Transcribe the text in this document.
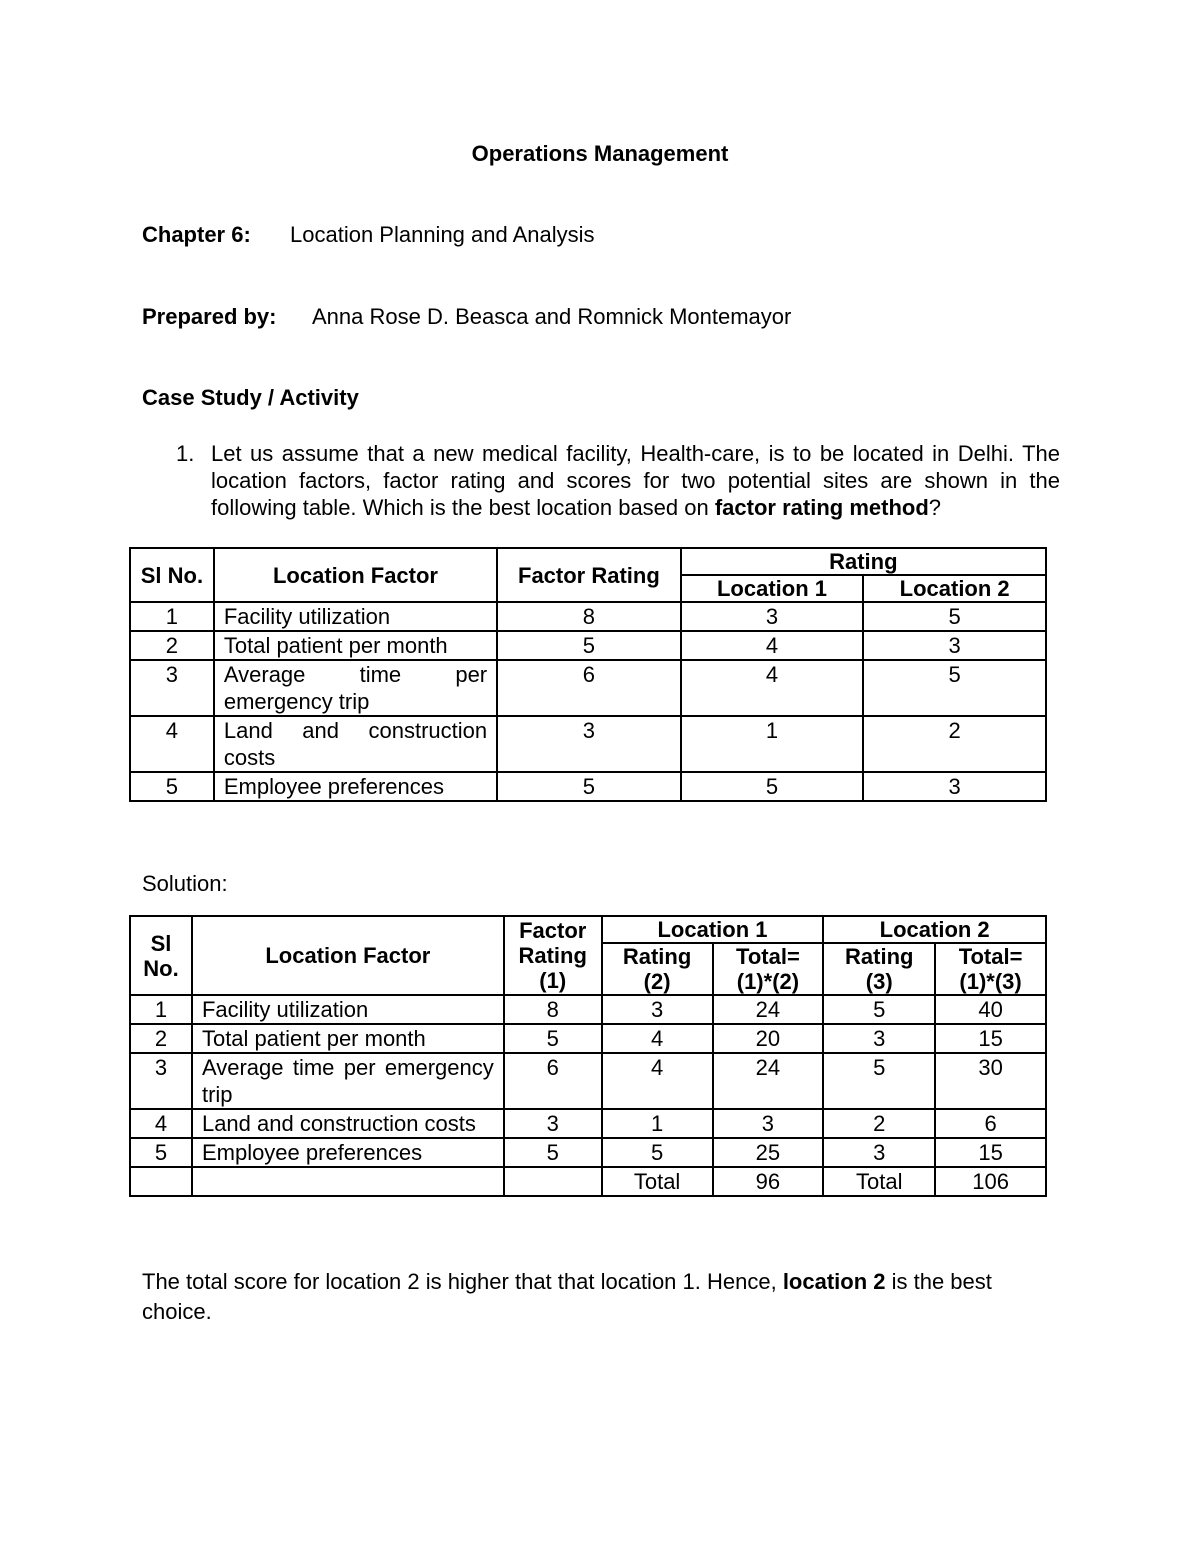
Operations Management
Chapter 6: Location Planning and Analysis
Prepared by: Anna Rose D. Beasca and Romnick Montemayor
Case Study / Activity
1. Let us assume that a new medical facility, Health-care, is to be located in Delhi. The location factors, factor rating and scores for two potential sites are shown in the following table. Which is the best location based on factor rating method?
Sl No.	Location Factor	Factor Rating	Rating	
			Location 1	Location 2
1	Facility utilization	8	3	5
2	Total patient per month	5	4	3
3	Average time per emergency trip	6	4	5
4	Land and construction costs	3	1	2
5	Employee preferences	5	5	3
Solution:
Sl No.	Location Factor	Factor Rating (1)	Location 1		Location 2	
			Rating (2)	Total= (1)*(2)	Rating (3)	Total= (1)*(3)
1	Facility utilization	8	3	24	5	40
2	Total patient per month	5	4	20	3	15
3	Average time per emergency trip	6	4	24	5	30
4	Land and construction costs	3	1	3	2	6
5	Employee preferences	5	5	25	3	15
			Total	96	Total	106
The total score for location 2 is higher that that location 1. Hence, location 2 is the best choice.
